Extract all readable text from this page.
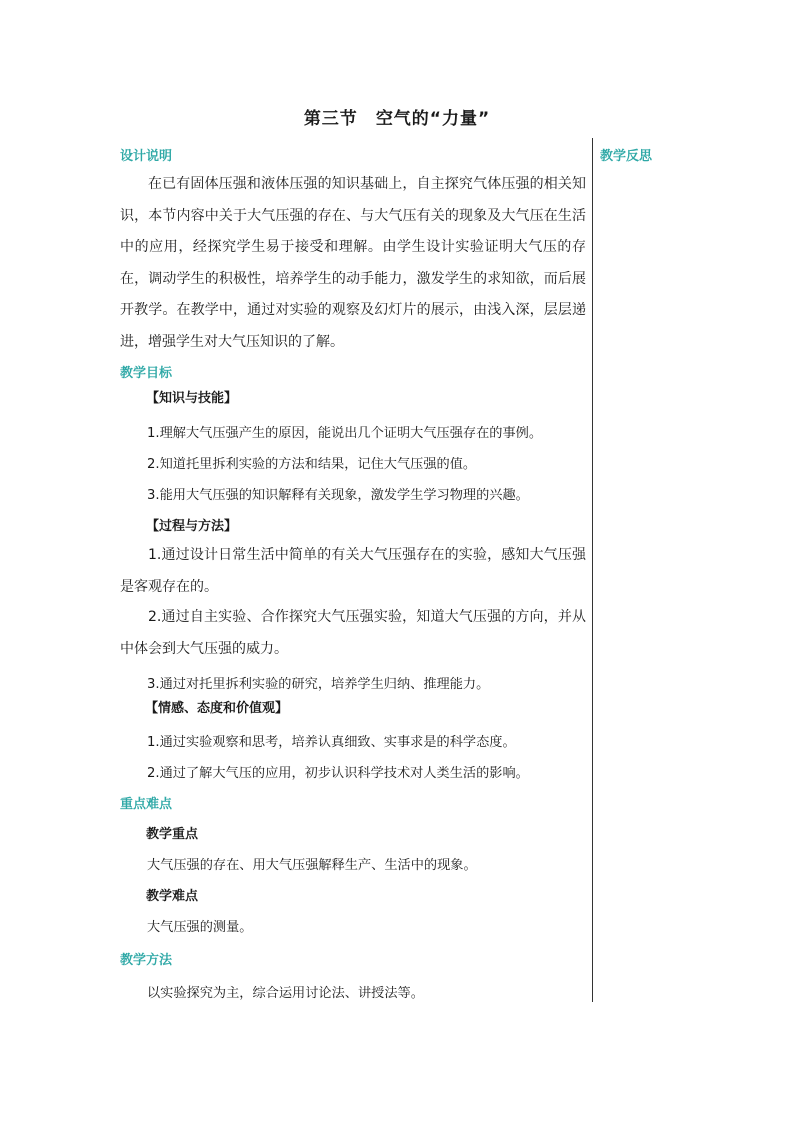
第三节 空气的“力量”
教学反思
设计说明
在已有固体压强和液体压强的知识基础上，自主探究气体压强的相关知识，本节内容中关于大气压强的存在、与大气压有关的现象及大气压在生活中的应用，经探究学生易于接受和理解。由学生设计实验证明大气压的存在，调动学生的积极性，培养学生的动手能力，激发学生的求知欲，而后展开教学。在教学中，通过对实验的观察及幻灯片的展示，由浅入深，层层递进，增强学生对大气压知识的了解。
教学目标
【知识与技能】
1.理解大气压强产生的原因，能说出几个证明大气压强存在的事例。
2.知道托里拆利实验的方法和结果，记住大气压强的值。
3.能用大气压强的知识解释有关现象，激发学生学习物理的兴趣。
【过程与方法】
1.通过设计日常生活中简单的有关大气压强存在的实验，感知大气压强是客观存在的。
2.通过自主实验、合作探究大气压强实验，知道大气压强的方向，并从中体会到大气压强的威力。
3.通过对托里拆利实验的研究，培养学生归纳、推理能力。
【情感、态度和价值观】
1.通过实验观察和思考，培养认真细致、实事求是的科学态度。
2.通过了解大气压的应用，初步认识科学技术对人类生活的影响。
重点难点
教学重点
大气压强的存在、用大气压强解释生产、生活中的现象。
教学难点
大气压强的测量。
教学方法
以实验探究为主，综合运用讨论法、讲授法等。
